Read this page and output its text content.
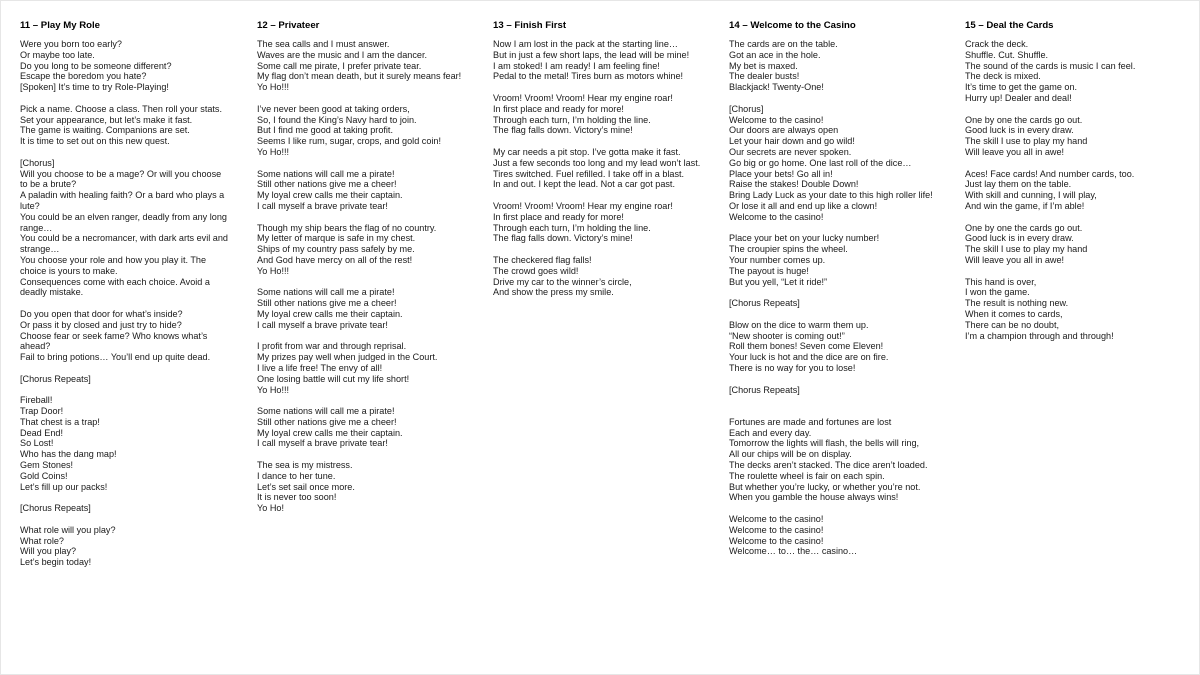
11 – Play My Role
Were you born too early?
Or maybe too late.
Do you long to be someone different?
Escape the boredom you hate?
[Spoken] It’s time to try Role-Playing!
Pick a name. Choose a class. Then roll your stats.
Set your appearance, but let’s make it fast.
The game is waiting. Companions are set.
It is time to set out on this new quest.
[Chorus]
Will you choose to be a mage? Or will you choose
to be a brute?
A paladin with healing faith? Or a bard who plays a
lute?
You could be an elven ranger, deadly from any long
range…
You could be a necromancer, with dark arts evil and
strange…
You choose your role and how you play it. The
choice is yours to make.
Consequences come with each choice. Avoid a
deadly mistake.
Do you open that door for what’s inside?
Or pass it by closed and just try to hide?
Choose fear or seek fame? Who knows what’s
ahead?
Fail to bring potions… You’ll end up quite dead.
[Chorus Repeats]
Fireball!
Trap Door!
That chest is a trap!
Dead End!
So Lost!
Who has the dang map!
Gem Stones!
Gold Coins!
Let’s fill up our packs!
[Chorus Repeats]
What role will you play?
What role?
Will you play?
Let’s begin today!
12 – Privateer
The sea calls and I must answer.
Waves are the music and I am the dancer.
Some call me pirate, I prefer private tear.
My flag don’t mean death, but it surely means fear!
Yo Ho!!!
I’ve never been good at taking orders,
So, I found the King’s Navy hard to join.
But I find me good at taking profit.
Seems I like rum, sugar, crops, and gold coin!
Yo Ho!!!
Some nations will call me a pirate!
Still other nations give me a cheer!
My loyal crew calls me their captain.
I call myself a brave private tear!
Though my ship bears the flag of no country.
My letter of marque is safe in my chest.
Ships of my country pass safely by me.
And God have mercy on all of the rest!
Yo Ho!!!
Some nations will call me a pirate!
Still other nations give me a cheer!
My loyal crew calls me their captain.
I call myself a brave private tear!
I profit from war and through reprisal.
My prizes pay well when judged in the Court.
I live a life free! The envy of all!
One losing battle will cut my life short!
Yo Ho!!!
Some nations will call me a pirate!
Still other nations give me a cheer!
My loyal crew calls me their captain.
I call myself a brave private tear!
The sea is my mistress.
I dance to her tune.
Let’s set sail once more.
It is never too soon!
Yo Ho!
13 – Finish First
Now I am lost in the pack at the starting line…
But in just a few short laps, the lead will be mine!
I am stoked! I am ready! I am feeling fine!
Pedal to the metal! Tires burn as motors whine!
Vroom! Vroom! Vroom! Hear my engine roar!
In first place and ready for more!
Through each turn, I’m holding the line.
The flag falls down. Victory’s mine!
My car needs a pit stop. I’ve gotta make it fast.
Just a few seconds too long and my lead won’t last.
Tires switched. Fuel refilled. I take off in a blast.
In and out. I kept the lead. Not a car got past.
Vroom! Vroom! Vroom! Hear my engine roar!
In first place and ready for more!
Through each turn, I’m holding the line.
The flag falls down. Victory’s mine!
The checkered flag falls!
The crowd goes wild!
Drive my car to the winner’s circle,
And show the press my smile.
14 – Welcome to the Casino
The cards are on the table.
Got an ace in the hole.
My bet is maxed.
The dealer busts!
Blackjack! Twenty-One!
[Chorus]
Welcome to the casino!
Our doors are always open
Let your hair down and go wild!
Our secrets are never spoken.
Go big or go home. One last roll of the dice…
Place your bets! Go all in!
Raise the stakes! Double Down!
Bring Lady Luck as your date to this high roller life!
Or lose it all and end up like a clown!
Welcome to the casino!
Place your bet on your lucky number!
The croupier spins the wheel.
Your number comes up.
The payout is huge!
But you yell, “Let it ride!”
[Chorus Repeats]
Blow on the dice to warm them up.
“New shooter is coming out!”
Roll them bones! Seven come Eleven!
Your luck is hot and the dice are on fire.
There is no way for you to lose!
[Chorus Repeats]
Fortunes are made and fortunes are lost
Each and every day.
Tomorrow the lights will flash, the bells will ring,
All our chips will be on display.
The decks aren’t stacked. The dice aren’t loaded.
The roulette wheel is fair on each spin.
But whether you’re lucky, or whether you’re not.
When you gamble the house always wins!
Welcome to the casino!
Welcome to the casino!
Welcome to the casino!
Welcome… to… the… casino…
15 – Deal the Cards
Crack the deck.
Shuffle. Cut. Shuffle.
The sound of the cards is music I can feel.
The deck is mixed.
It’s time to get the game on.
Hurry up! Dealer and deal!
One by one the cards go out.
Good luck is in every draw.
The skill I use to play my hand
Will leave you all in awe!
Aces! Face cards! And number cards, too.
Just lay them on the table.
With skill and cunning, I will play,
And win the game, if I’m able!
One by one the cards go out.
Good luck is in every draw.
The skill I use to play my hand
Will leave you all in awe!
This hand is over,
I won the game.
The result is nothing new.
When it comes to cards,
There can be no doubt,
I’m a champion through and through!
